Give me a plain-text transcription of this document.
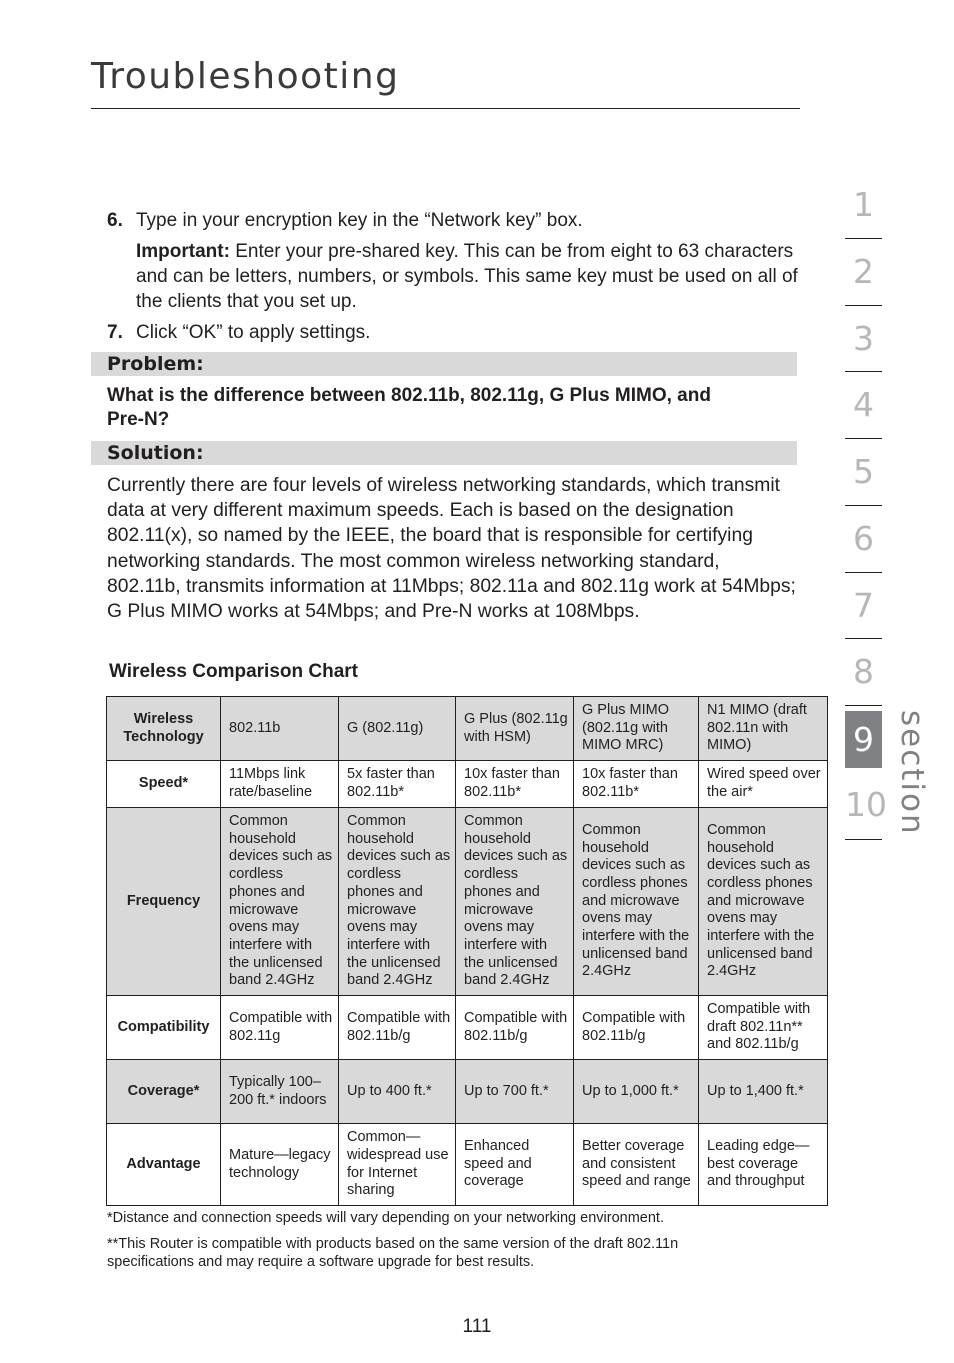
Troubleshooting
6. Type in your encryption key in the “Network key” box.
Important: Enter your pre-shared key. This can be from eight to 63 characters and can be letters, numbers, or symbols. This same key must be used on all of the clients that you set up.
7. Click “OK” to apply settings.
Problem:
What is the difference between 802.11b, 802.11g, G Plus MIMO, and Pre-N?
Solution:
Currently there are four levels of wireless networking standards, which transmit data at very different maximum speeds. Each is based on the designation 802.11(x), so named by the IEEE, the board that is responsible for certifying networking standards. The most common wireless networking standard, 802.11b, transmits information at 11Mbps; 802.11a and 802.11g work at 54Mbps; G Plus MIMO works at 54Mbps; and Pre-N works at 108Mbps.
Wireless Comparison Chart
Wireless Technology	802.11b	G (802.11g)	G Plus (802.11g with HSM)	G Plus MIMO (802.11g with MIMO MRC)	N1 MIMO (draft 802.11n with MIMO)
Speed*	11Mbps link rate/baseline	5x faster than 802.11b*	10x faster than 802.11b*	10x faster than 802.11b*	Wired speed over the air*
Frequency	Common household devices such as cordless phones and microwave ovens may interfere with the unlicensed band 2.4GHz	Common household devices such as cordless phones and microwave ovens may interfere with the unlicensed band 2.4GHz	Common household devices such as cordless phones and microwave ovens may interfere with the unlicensed band 2.4GHz	Common household devices such as cordless phones and microwave ovens may interfere with the unlicensed band 2.4GHz	Common household devices such as cordless phones and microwave ovens may interfere with the unlicensed band 2.4GHz
Compatibility	Compatible with 802.11g	Compatible with 802.11b/g	Compatible with 802.11b/g	Compatible with 802.11b/g	Compatible with draft 802.11n** and 802.11b/g
Coverage*	Typically 100–200 ft.* indoors	Up to 400 ft.*	Up to 700 ft.*	Up to 1,000 ft.*	Up to 1,400 ft.*
Advantage	Mature—legacy technology	Common—widespread use for Internet sharing	Enhanced speed and coverage	Better coverage and consistent speed and range	Leading edge—best coverage and throughput
*Distance and connection speeds will vary depending on your networking environment.
**This Router is compatible with products based on the same version of the draft 802.11n specifications and may require a software upgrade for best results.
111
1
2
3
4
5
6
7
8
9
10 section
